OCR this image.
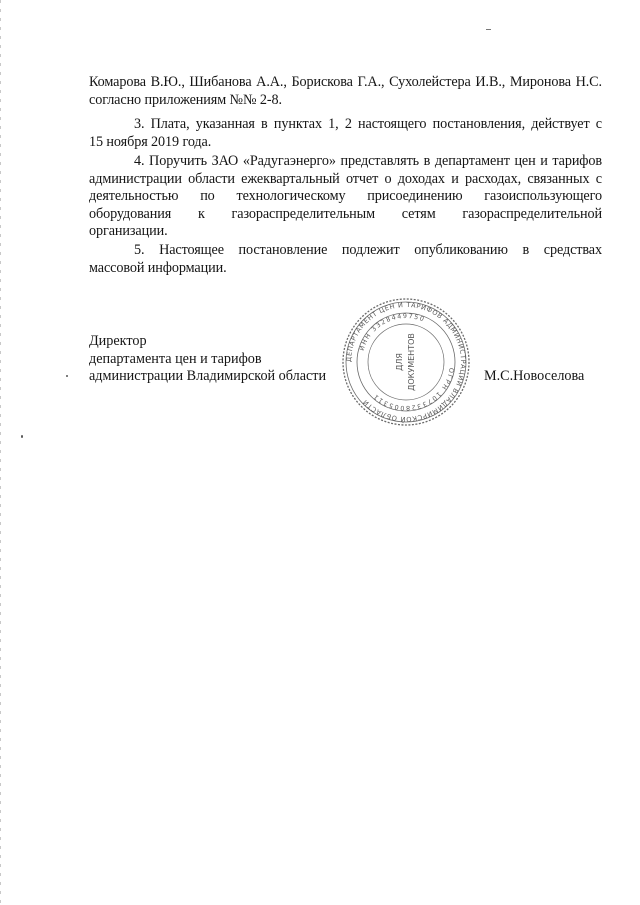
Комарова В.Ю., Шибанова А.А., Борискова Г.А., Сухолейстера И.В., Миронова Н.С.
согласно приложениям №№ 2-8.
3. Плата, указанная в пунктах 1, 2 настоящего постановления, действует с
15 ноября 2019 года.
4. Поручить ЗАО «Радугаэнерго» представлять в департамент цен и тарифов
администрации области ежеквартальный отчет о доходах и расходах, связанных с
деятельностью по технологическому присоединению газоиспользующего
оборудования к газораспределительным сетям газораспределительной
организации.
5. Настоящее постановление подлежит опубликованию в средствах
массовой информации.
Директор
департамента цен и тарифов
администрации Владимирской области	М.С.Новоселова
ДЕПАРТАМЕНТ ЦЕН И ТАРИФОВ АДМИНИСТРАЦИИ ВЛАДИМИРСКОЙ ОБЛАСТИ
ИНН 3328449750
ОГРН 1073328005311
ДЛЯ ДОКУМЕНТОВ
